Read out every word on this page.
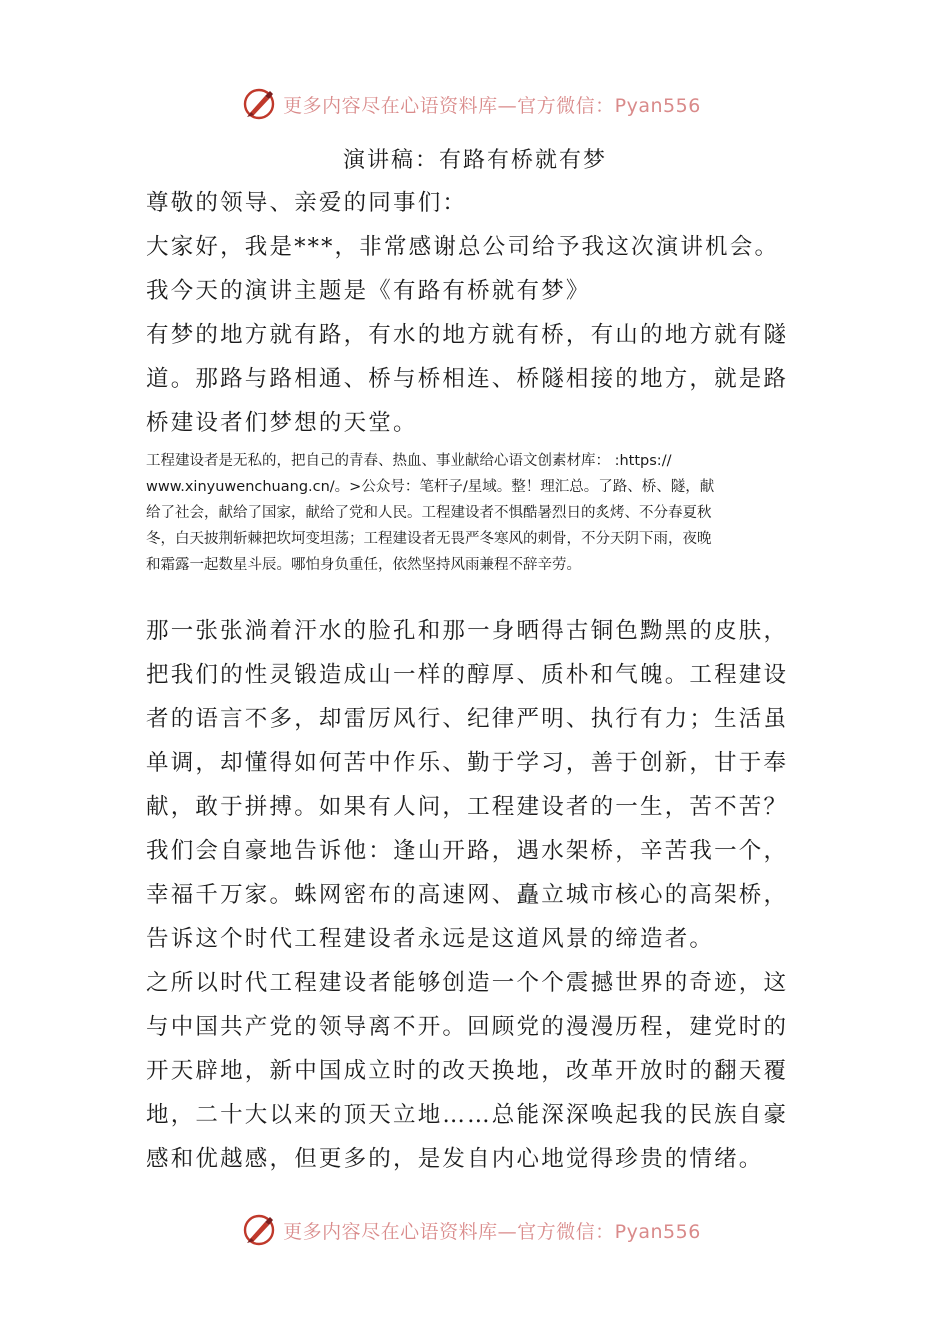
更多内容尽在心语资料库—官方微信：Pyan556
演讲稿：有路有桥就有梦
尊敬的领导、亲爱的同事们：
大家好，我是***，非常感谢总公司给予我这次演讲机会。
我今天的演讲主题是《有路有桥就有梦》
有梦的地方就有路，有水的地方就有桥，有山的地方就有隧
道。那路与路相通、桥与桥相连、桥隧相接的地方，就是路
桥建设者们梦想的天堂。
工程建设者是无私的，把自己的青春、热血、事业献给心语文创素材库： :https://
www.xinyuwenchuang.cn/。>公众号：笔杆子/星域。整！理汇总。了路、桥、隧，献
给了社会，献给了国家，献给了党和人民。工程建设者不惧酷暑烈日的炙烤、不分春夏秋
冬，白天披荆斩棘把坎坷变坦荡；工程建设者无畏严冬寒风的刺骨，不分天阴下雨，夜晚
和霜露一起数星斗辰。哪怕身负重任，依然坚持风雨兼程不辞辛劳。
那一张张淌着汗水的脸孔和那一身晒得古铜色黝黑的皮肤，
把我们的性灵锻造成山一样的醇厚、质朴和气魄。工程建设
者的语言不多，却雷厉风行、纪律严明、执行有力；生活虽
单调，却懂得如何苦中作乐、勤于学习，善于创新，甘于奉
献，敢于拼搏。如果有人问，工程建设者的一生，苦不苦？
我们会自豪地告诉他：逢山开路，遇水架桥，辛苦我一个，
幸福千万家。蛛网密布的高速网、矗立城市核心的高架桥，
告诉这个时代工程建设者永远是这道风景的缔造者。
之所以时代工程建设者能够创造一个个震撼世界的奇迹，这
与中国共产党的领导离不开。回顾党的漫漫历程，建党时的
开天辟地，新中国成立时的改天换地，改革开放时的翻天覆
地，二十大以来的顶天立地……总能深深唤起我的民族自豪
感和优越感，但更多的，是发自内心地觉得珍贵的情绪。
更多内容尽在心语资料库—官方微信：Pyan556
